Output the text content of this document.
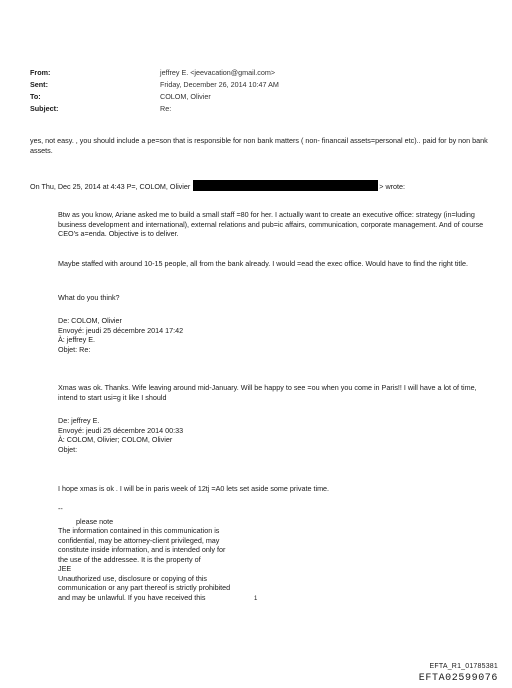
From:	jeffrey E. <jeevacation@gmail.com>
Sent:	Friday, December 26, 2014 10:47 AM
To:	COLOM, Olivier
Subject:	Re:

yes, not easy. , you should include a pe=son that is responsible for non bank matters ( non- financail assets=personal etc).. paid for by non bank assets.

On Thu, Dec 25, 2014 at 4:43 P=, COLOM, Olivier	> wrote:

Btw as you know, Ariane asked me to build a small staff =80 for her. I actually want to create an executive office: strategy (in=luding business development and international), external relations and pub=ic affairs, communication, corporate management. And of course CEO's a=enda. Objective is to deliver.

Maybe staffed with around 10-15 people, all from the bank already. I would =ead the exec office. Would have to find the right title.

What do you think?

De: COLOM, Olivier

Envoyé: jeudi 25 décembre 2014 17:42

À: jeffrey E.

Objet: Re:

Xmas was ok. Thanks. Wife leaving around mid-January. Will be happy to see =ou when you come in Paris!! I will have a lot of time, intend to start usi=g it like I should

De: jeffrey E.

Envoyé: jeudi 25 décembre 2014 00:33

À: COLOM, Olivier; COLOM, Olivier

Objet:

I hope xmas is ok . I will be in paris week of 12tj =A0 lets set aside some private time.

--

please note

The information contained in this communication is

confidential, may be attorney-client privileged, may

constitute inside information, and is intended only for

the use of the addressee. It is the property of

JEE

Unauthorized use, disclosure or copying of this

communication or any part thereof is strictly prohibited

and may be unlawful. If you have received this	1
EFTA_R1_01785381
EFTA02599076
